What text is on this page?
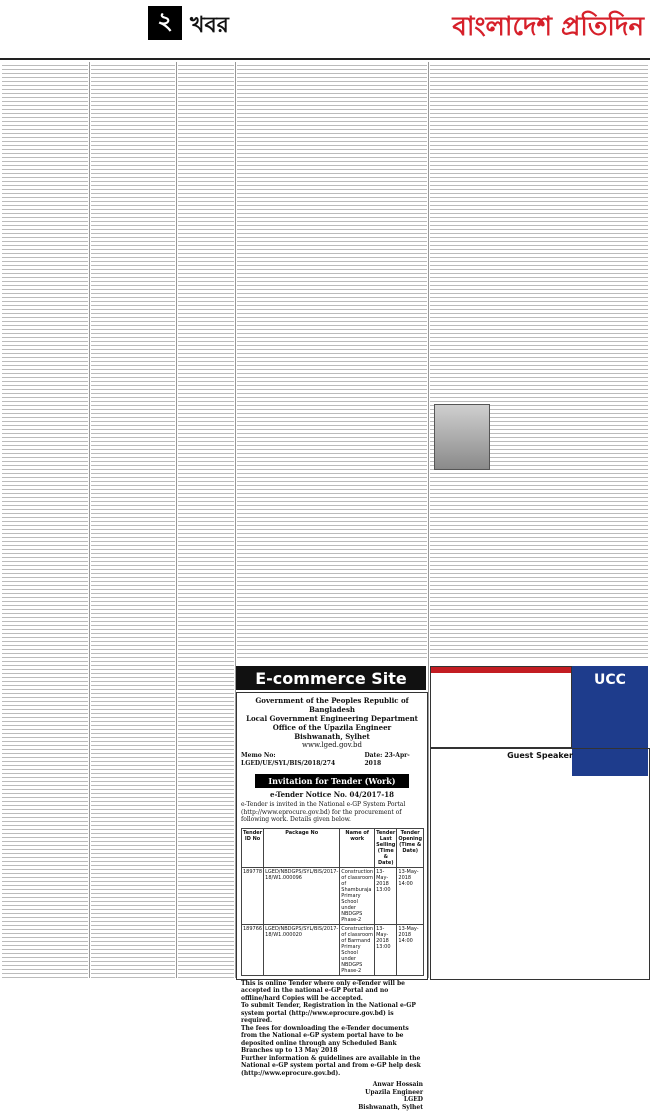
২ খবর	বাংলাদেশ প্রতিদিন
E-commerce Site
Government of the Peoples Republic of Bangladesh
Local Government Engineering Department
Office of the Upazila Engineer
Bishwanath, Sylhet
www.lged.gov.bd
Memo No: LGED/UE/SYL/BIS/2018/274
Date: 23-Apr-2018
Invitation for Tender (Work)
e-Tender Notice No. 04/2017-18
e-Tender is invited in the National e-GP System Portal (http://www.eprocure.gov.bd) for the procurement of following work. Details given below.
Tender ID No	Package No	Name of work	Tender Last Selling (Time & Date)	Tender Opening (Time & Date)
189778	LGED/NBDGPS/SYL/BIS/2017-18/W1.000096	Construction of classroom of Shamburaja Primary School under NBDGPS Phase-2	13-May-2018 13:00	13-May-2018 14:00
189766	LGED/NBDGPS/SYL/BIS/2017-18/W1.000020	Construction of classroom of Barmand Primary School under NBDGPS Phase-2	13-May-2018 13:00	13-May-2018 14:00
This is online Tender where only e-Tender will be accepted in the national e-GP Portal and no offline/hard Copies will be accepted.
To submit Tender, Registration in the National e-GP system portal (http://www.eprocure.gov.bd) is required.
The fees for downloading the e-Tender documents from the National e-GP system portal have to be deposited online through any Scheduled Bank Branches up to 13 May 2018
Further information & guidelines are available in the National e-GP system portal and from e-GP help desk (http://www.eprocure.gov.bd).
Anwar Hossain
Upazila Engineer
LGED
Bishwanath, Sylhet
UCC
Guest Speaker
